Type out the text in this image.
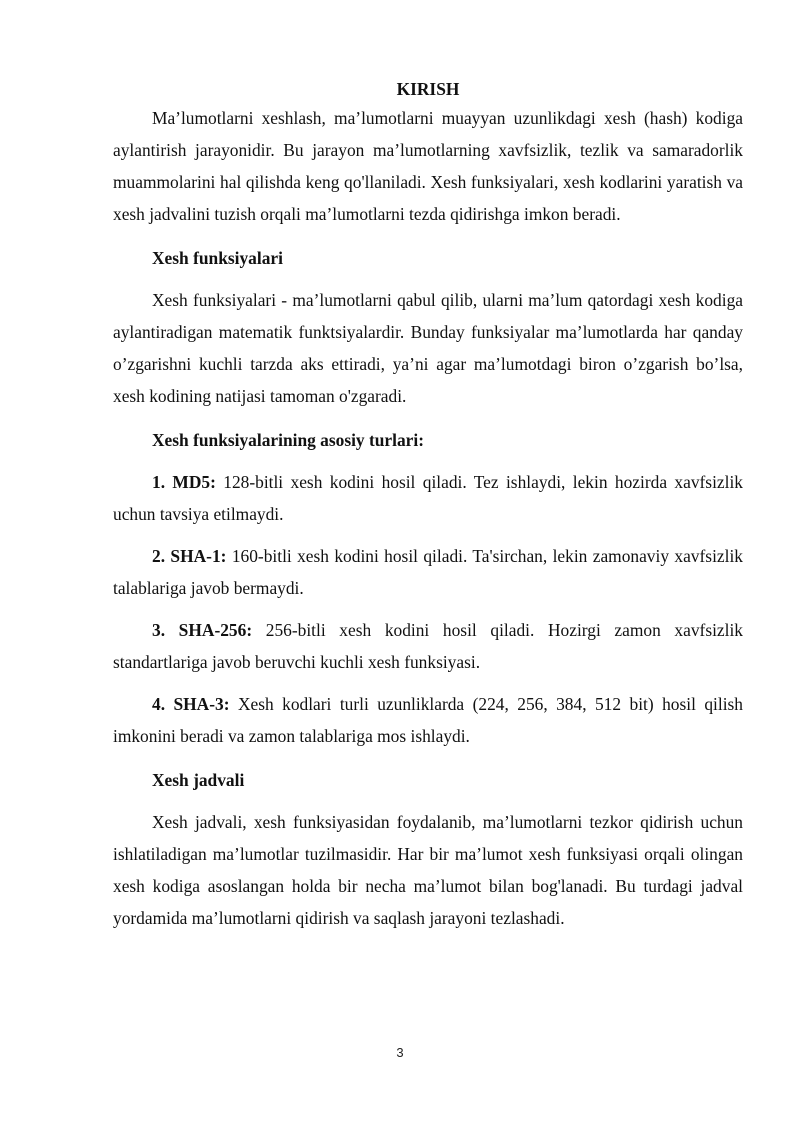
KIRISH

Ma’lumotlarni xeshlash, ma’lumotlarni muayyan uzunlikdagi xesh (hash) kodiga aylantirish jarayonidir. Bu jarayon ma’lumotlarning xavfsizlik, tezlik va samaradorlik muammolarini hal qilishda keng qo'llaniladi. Xesh funksiyalari, xesh kodlarini yaratish va xesh jadvalini tuzish orqali ma’lumotlarni tezda qidirishga imkon beradi.

Xesh funksiyalari

Xesh funksiyalari - ma’lumotlarni qabul qilib, ularni ma’lum qatordagi xesh kodiga aylantiradigan matematik funktsiyalardir. Bunday funksiyalar ma’lumotlarda har qanday o’zgarishni kuchli tarzda aks ettiradi, ya’ni agar ma’lumotdagi biron o’zgarish bo’lsa, xesh kodining natijasi tamoman o'zgaradi.

Xesh funksiyalarining asosiy turlari:

1. MD5: 128-bitli xesh kodini hosil qiladi. Tez ishlaydi, lekin hozirda xavfsizlik uchun tavsiya etilmaydi.

2. SHA-1: 160-bitli xesh kodini hosil qiladi. Ta'sirchan, lekin zamonaviy xavfsizlik talablariga javob bermaydi.

3. SHA-256: 256-bitli xesh kodini hosil qiladi. Hozirgi zamon xavfsizlik standartlariga javob beruvchi kuchli xesh funksiyasi.

4. SHA-3: Xesh kodlari turli uzunliklarda (224, 256, 384, 512 bit) hosil qilish imkonini beradi va zamon talablariga mos ishlaydi.

Xesh jadvali

Xesh jadvali, xesh funksiyasidan foydalanib, ma’lumotlarni tezkor qidirish uchun ishlatiladigan ma’lumotlar tuzilmasidir. Har bir ma’lumot xesh funksiyasi orqali olingan xesh kodiga asoslangan holda bir necha ma’lumot bilan bog'lanadi. Bu turdagi jadval yordamida ma’lumotlarni qidirish va saqlash jarayoni tezlashadi.

3
